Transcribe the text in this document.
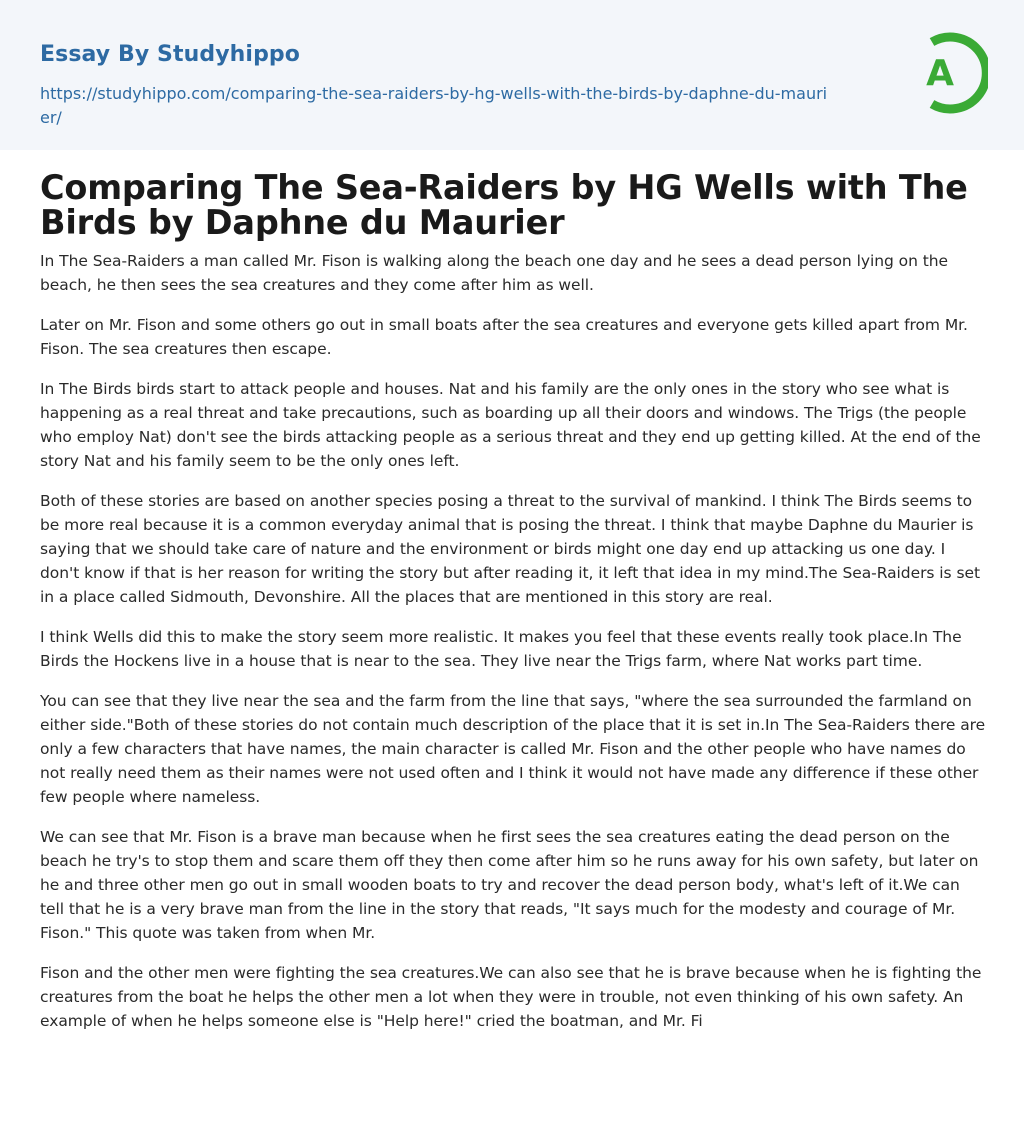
Essay By Studyhippo
https://studyhippo.com/comparing-the-sea-raiders-by-hg-wells-with-the-birds-by-daphne-du-maurier/
A
Comparing The Sea-Raiders by HG Wells with The Birds by Daphne du Maurier

In The Sea-Raiders a man called Mr. Fison is walking along the beach one day and he sees a dead person lying on the beach, he then sees the sea creatures and they come after him as well.

Later on Mr. Fison and some others go out in small boats after the sea creatures and everyone gets killed apart from Mr. Fison. The sea creatures then escape.

In The Birds birds start to attack people and houses. Nat and his family are the only ones in the story who see what is happening as a real threat and take precautions, such as boarding up all their doors and windows. The Trigs (the people who employ Nat) don't see the birds attacking people as a serious threat and they end up getting killed. At the end of the story Nat and his family seem to be the only ones left.

Both of these stories are based on another species posing a threat to the survival of mankind. I think The Birds seems to be more real because it is a common everyday animal that is posing the threat. I think that maybe Daphne du Maurier is saying that we should take care of nature and the environment or birds might one day end up attacking us one day. I don't know if that is her reason for writing the story but after reading it, it left that idea in my mind.The Sea-Raiders is set in a place called Sidmouth, Devonshire. All the places that are mentioned in this story are real.

I think Wells did this to make the story seem more realistic. It makes you feel that these events really took place.In The Birds the Hockens live in a house that is near to the sea. They live near the Trigs farm, where Nat works part time.

You can see that they live near the sea and the farm from the line that says, "where the sea surrounded the farmland on either side."Both of these stories do not contain much description of the place that it is set in.In The Sea-Raiders there are only a few characters that have names, the main character is called Mr. Fison and the other people who have names do not really need them as their names were not used often and I think it would not have made any difference if these other few people where nameless.

We can see that Mr. Fison is a brave man because when he first sees the sea creatures eating the dead person on the beach he try's to stop them and scare them off they then come after him so he runs away for his own safety, but later on he and three other men go out in small wooden boats to try and recover the dead person body, what's left of it.We can tell that he is a very brave man from the line in the story that reads, "It says much for the modesty and courage of Mr. Fison." This quote was taken from when Mr.

Fison and the other men were fighting the sea creatures.We can also see that he is brave because when he is fighting the creatures from the boat he helps the other men a lot when they were in trouble, not even thinking of his own safety. An example of when he helps someone else is "Help here!" cried the boatman, and Mr. Fi
